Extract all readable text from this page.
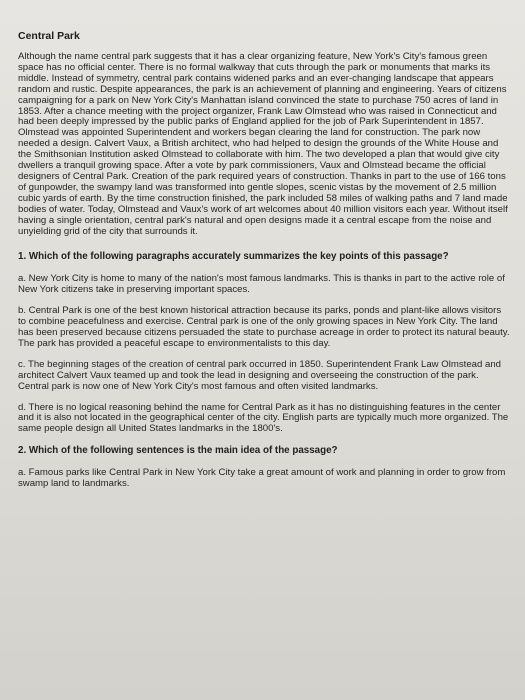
Central Park
Although the name central park suggests that it has a clear organizing feature, New York's City's famous green space has no official center. There is no formal walkway that cuts through the park or monuments that marks its middle. Instead of symmetry, central park contains widened parks and an ever-changing landscape that appears random and rustic. Despite appearances, the park is an achievement of planning and engineering. Years of citizens campaigning for a park on New York City's Manhattan island convinced the state to purchase 750 acres of land in 1853. After a chance meeting with the project organizer, Frank Law Olmstead who was raised in Connecticut and had been deeply impressed by the public parks of England applied for the job of Park Superintendent in 1857. Olmstead was appointed Superintendent and workers began clearing the land for construction. The park now needed a design. Calvert Vaux, a British architect, who had helped to design the grounds of the White House and the Smithsonian Institution asked Olmstead to collaborate with him. The two developed a plan that would give city dwellers a tranquil growing space. After a vote by park commissioners, Vaux and Olmstead became the official designers of Central Park. Creation of the park required years of construction. Thanks in part to the use of 166 tons of gunpowder, the swampy land was transformed into gentle slopes, scenic vistas by the movement of 2.5 million cubic yards of earth. By the time construction finished, the park included 58 miles of walking paths and 7 land made bodies of water. Today, Olmstead and Vaux's work of art welcomes about 40 million visitors each year. Without itself having a single orientation, central park's natural and open designs made it a central escape from the noise and unyielding grid of the city that surrounds it.
1. Which of the following paragraphs accurately summarizes the key points of this passage?
a. New York City is home to many of the nation's most famous landmarks. This is thanks in part to the active role of New York citizens take in preserving important spaces.
b. Central Park is one of the best known historical attraction because its parks, ponds and plant-like allows visitors to combine peacefulness and exercise. Central park is one of the only growing spaces in New York City. The land has been preserved because citizens persuaded the state to purchase acreage in order to protect its natural beauty. The park has provided a peaceful escape to environmentalists to this day.
c. The beginning stages of the creation of central park occurred in 1850. Superintendent Frank Law Olmstead and architect Calvert Vaux teamed up and took the lead in designing and overseeing the construction of the park. Central park is now one of New York City's most famous and often visited landmarks.
d. There is no logical reasoning behind the name for Central Park as it has no distinguishing features in the center and it is also not located in the geographical center of the city. English parts are typically much more organized. The same people design all United States landmarks in the 1800's.
2. Which of the following sentences is the main idea of the passage?
a. Famous parks like Central Park in New York City take a great amount of work and planning in order to grow from swamp land to landmarks.
